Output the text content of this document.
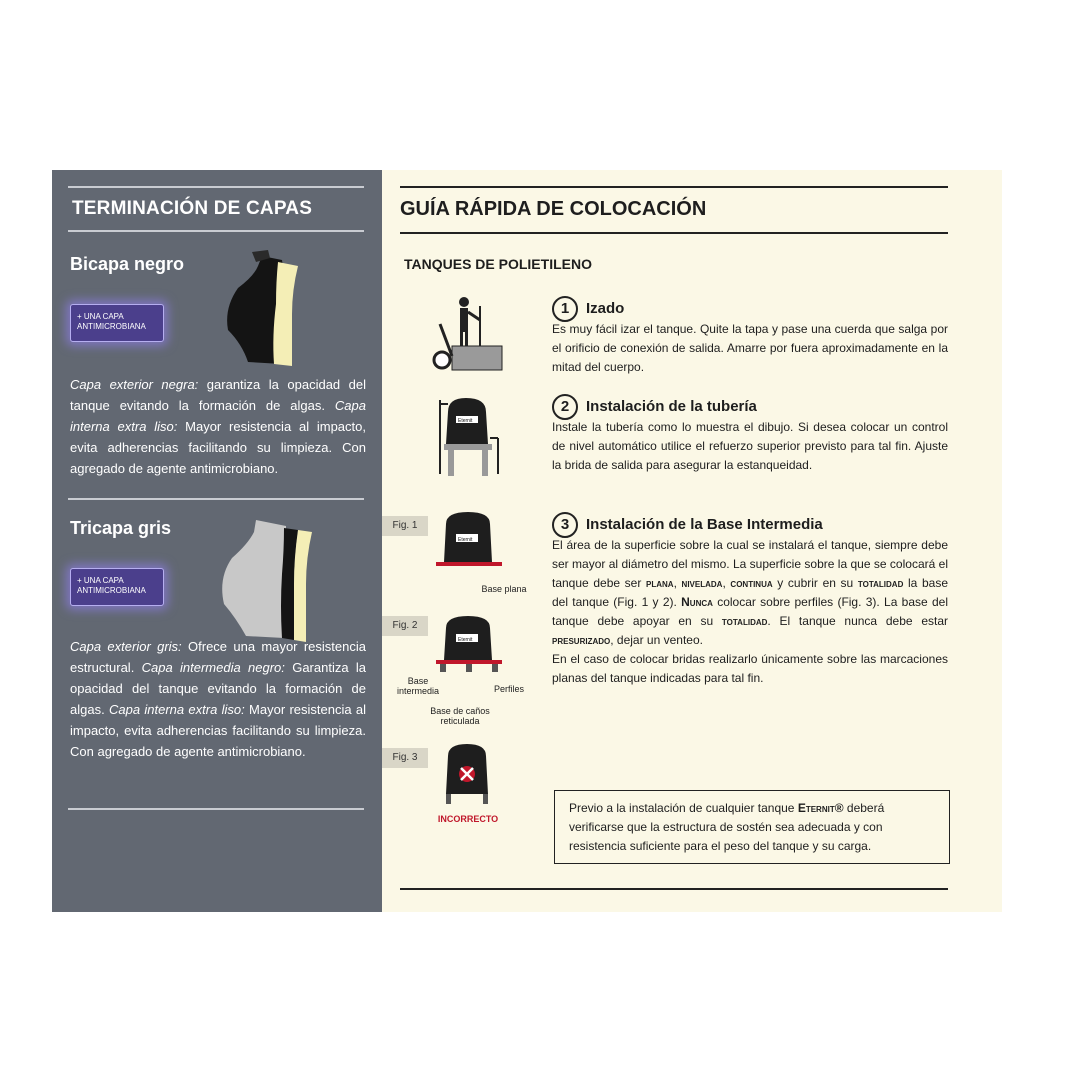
TERMINACIÓN DE CAPAS
Bicapa negro
+ UNA CAPA
ANTIMICROBIANA
Capa exterior negra: garantiza la opacidad del tanque evitando la formación de algas. Capa interna extra liso: Mayor resistencia al impacto, evita adherencias facilitando su limpieza. Con agregado de agente antimicrobiano.
Tricapa gris
+ UNA CAPA
ANTIMICROBIANA
Capa exterior gris: Ofrece una mayor resistencia estructural. Capa intermedia negro: Garantiza la opacidad del tanque evitando la formación de algas. Capa interna extra liso: Mayor resistencia al impacto, evita adherencias facilitando su limpieza. Con agregado de agente antimicrobiano.
GUÍA RÁPIDA DE COLOCACIÓN
TANQUES DE POLIETILENO
1 Izado
Es muy fácil izar el tanque. Quite la tapa y pase una cuerda que salga por el orificio de conexión de salida. Amarre por fuera aproximadamente en la mitad del cuerpo.
Eternit
2 Instalación de la tubería
Instale la tubería como lo muestra el dibujo. Si desea colocar un control de nivel automático utilice el refuerzo superior previsto para tal fin. Ajuste la brida de salida para asegurar la estanqueidad.
Fig. 1
Eternit
Base plana
Fig. 2
Eternit
Base
intermedia	Perfiles
Base de caños
reticulada
Fig. 3
INCORRECTO
3 Instalación de la Base Intermedia
El área de la superficie sobre la cual se instalará el tanque, siempre debe ser mayor al diámetro del mismo. La superficie sobre la que se colocará el tanque debe ser plana, nivelada, continua y cubrir en su totalidad la base del tanque (Fig. 1 y 2). Nunca colocar sobre perfiles (Fig. 3). La base del tanque debe apoyar en su totalidad. El tanque nunca debe estar presurizado, dejar un venteo.
En el caso de colocar bridas realizarlo únicamente sobre las marcaciones planas del tanque indicadas para tal fin.
Previo a la instalación de cualquier tanque Eternit® deberá verificarse que la estructura de sostén sea adecuada y con resistencia suficiente para el peso del tanque y su carga.
